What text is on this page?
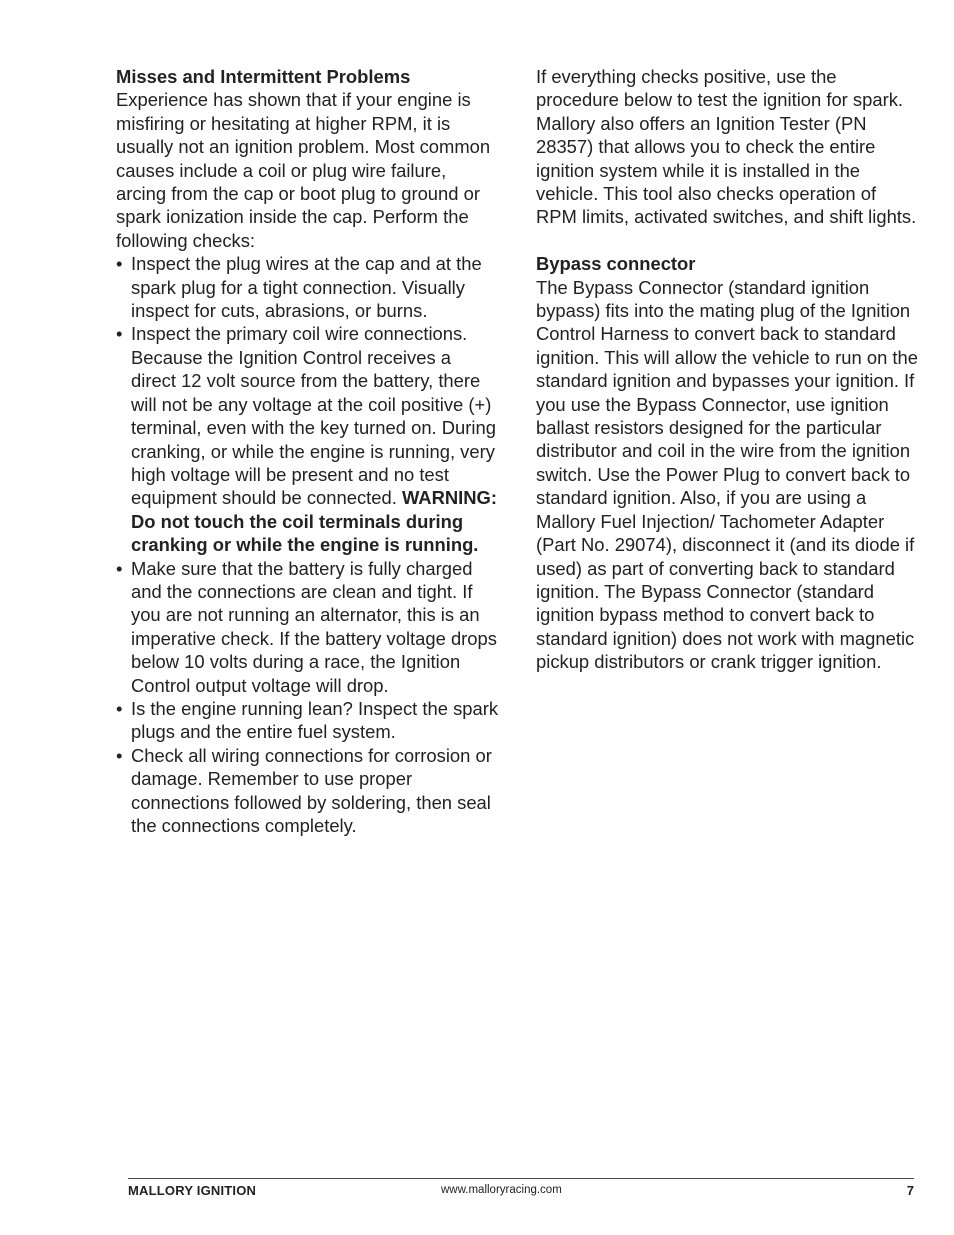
Misses and Intermittent Problems

Experience has shown that if your engine is misfiring or hesitating at higher RPM, it is usually not an ignition problem. Most common causes include a coil or plug wire failure, arcing from the cap or boot plug to ground or spark ionization inside the cap. Perform the following checks:

• Inspect the plug wires at the cap and at the spark plug for a tight connection. Visually inspect for cuts, abrasions, or burns.
• Inspect the primary coil wire connections. Because the Ignition Control receives a direct 12 volt source from the battery, there will not be any voltage at the coil positive (+) terminal, even with the key turned on. During cranking, or while the engine is running, very high voltage will be present and no test equipment should be connected. WARNING: Do not touch the coil terminals during cranking or while the engine is running.
• Make sure that the battery is fully charged and the connections are clean and tight. If you are not running an alternator, this is an imperative check. If the battery voltage drops below 10 volts during a race, the Ignition Control output voltage will drop.
• Is the engine running lean? Inspect the spark plugs and the entire fuel system.
• Check all wiring connections for corrosion or damage. Remember to use proper connections followed by soldering, then seal the connections completely.

If everything checks positive, use the procedure below to test the ignition for spark. Mallory also offers an Ignition Tester (PN 28357) that allows you to check the entire ignition system while it is installed in the vehicle. This tool also checks operation of RPM limits, activated switches, and shift lights.

Bypass connector

The Bypass Connector (standard ignition bypass) fits into the mating plug of the Ignition Control Harness to convert back to standard ignition. This will allow the vehicle to run on the standard ignition and bypasses your ignition. If you use the Bypass Connector, use ignition ballast resistors designed for the particular distributor and coil in the wire from the ignition switch. Use the Power Plug to convert back to standard ignition. Also, if you are using a Mallory Fuel Injection/ Tachometer Adapter (Part No. 29074), disconnect it (and its diode if used) as part of converting back to standard ignition. The Bypass Connector (standard ignition bypass method to convert back to standard ignition) does not work with magnetic pickup distributors or crank trigger ignition.

MALLORY IGNITION	www.malloryracing.com	7
